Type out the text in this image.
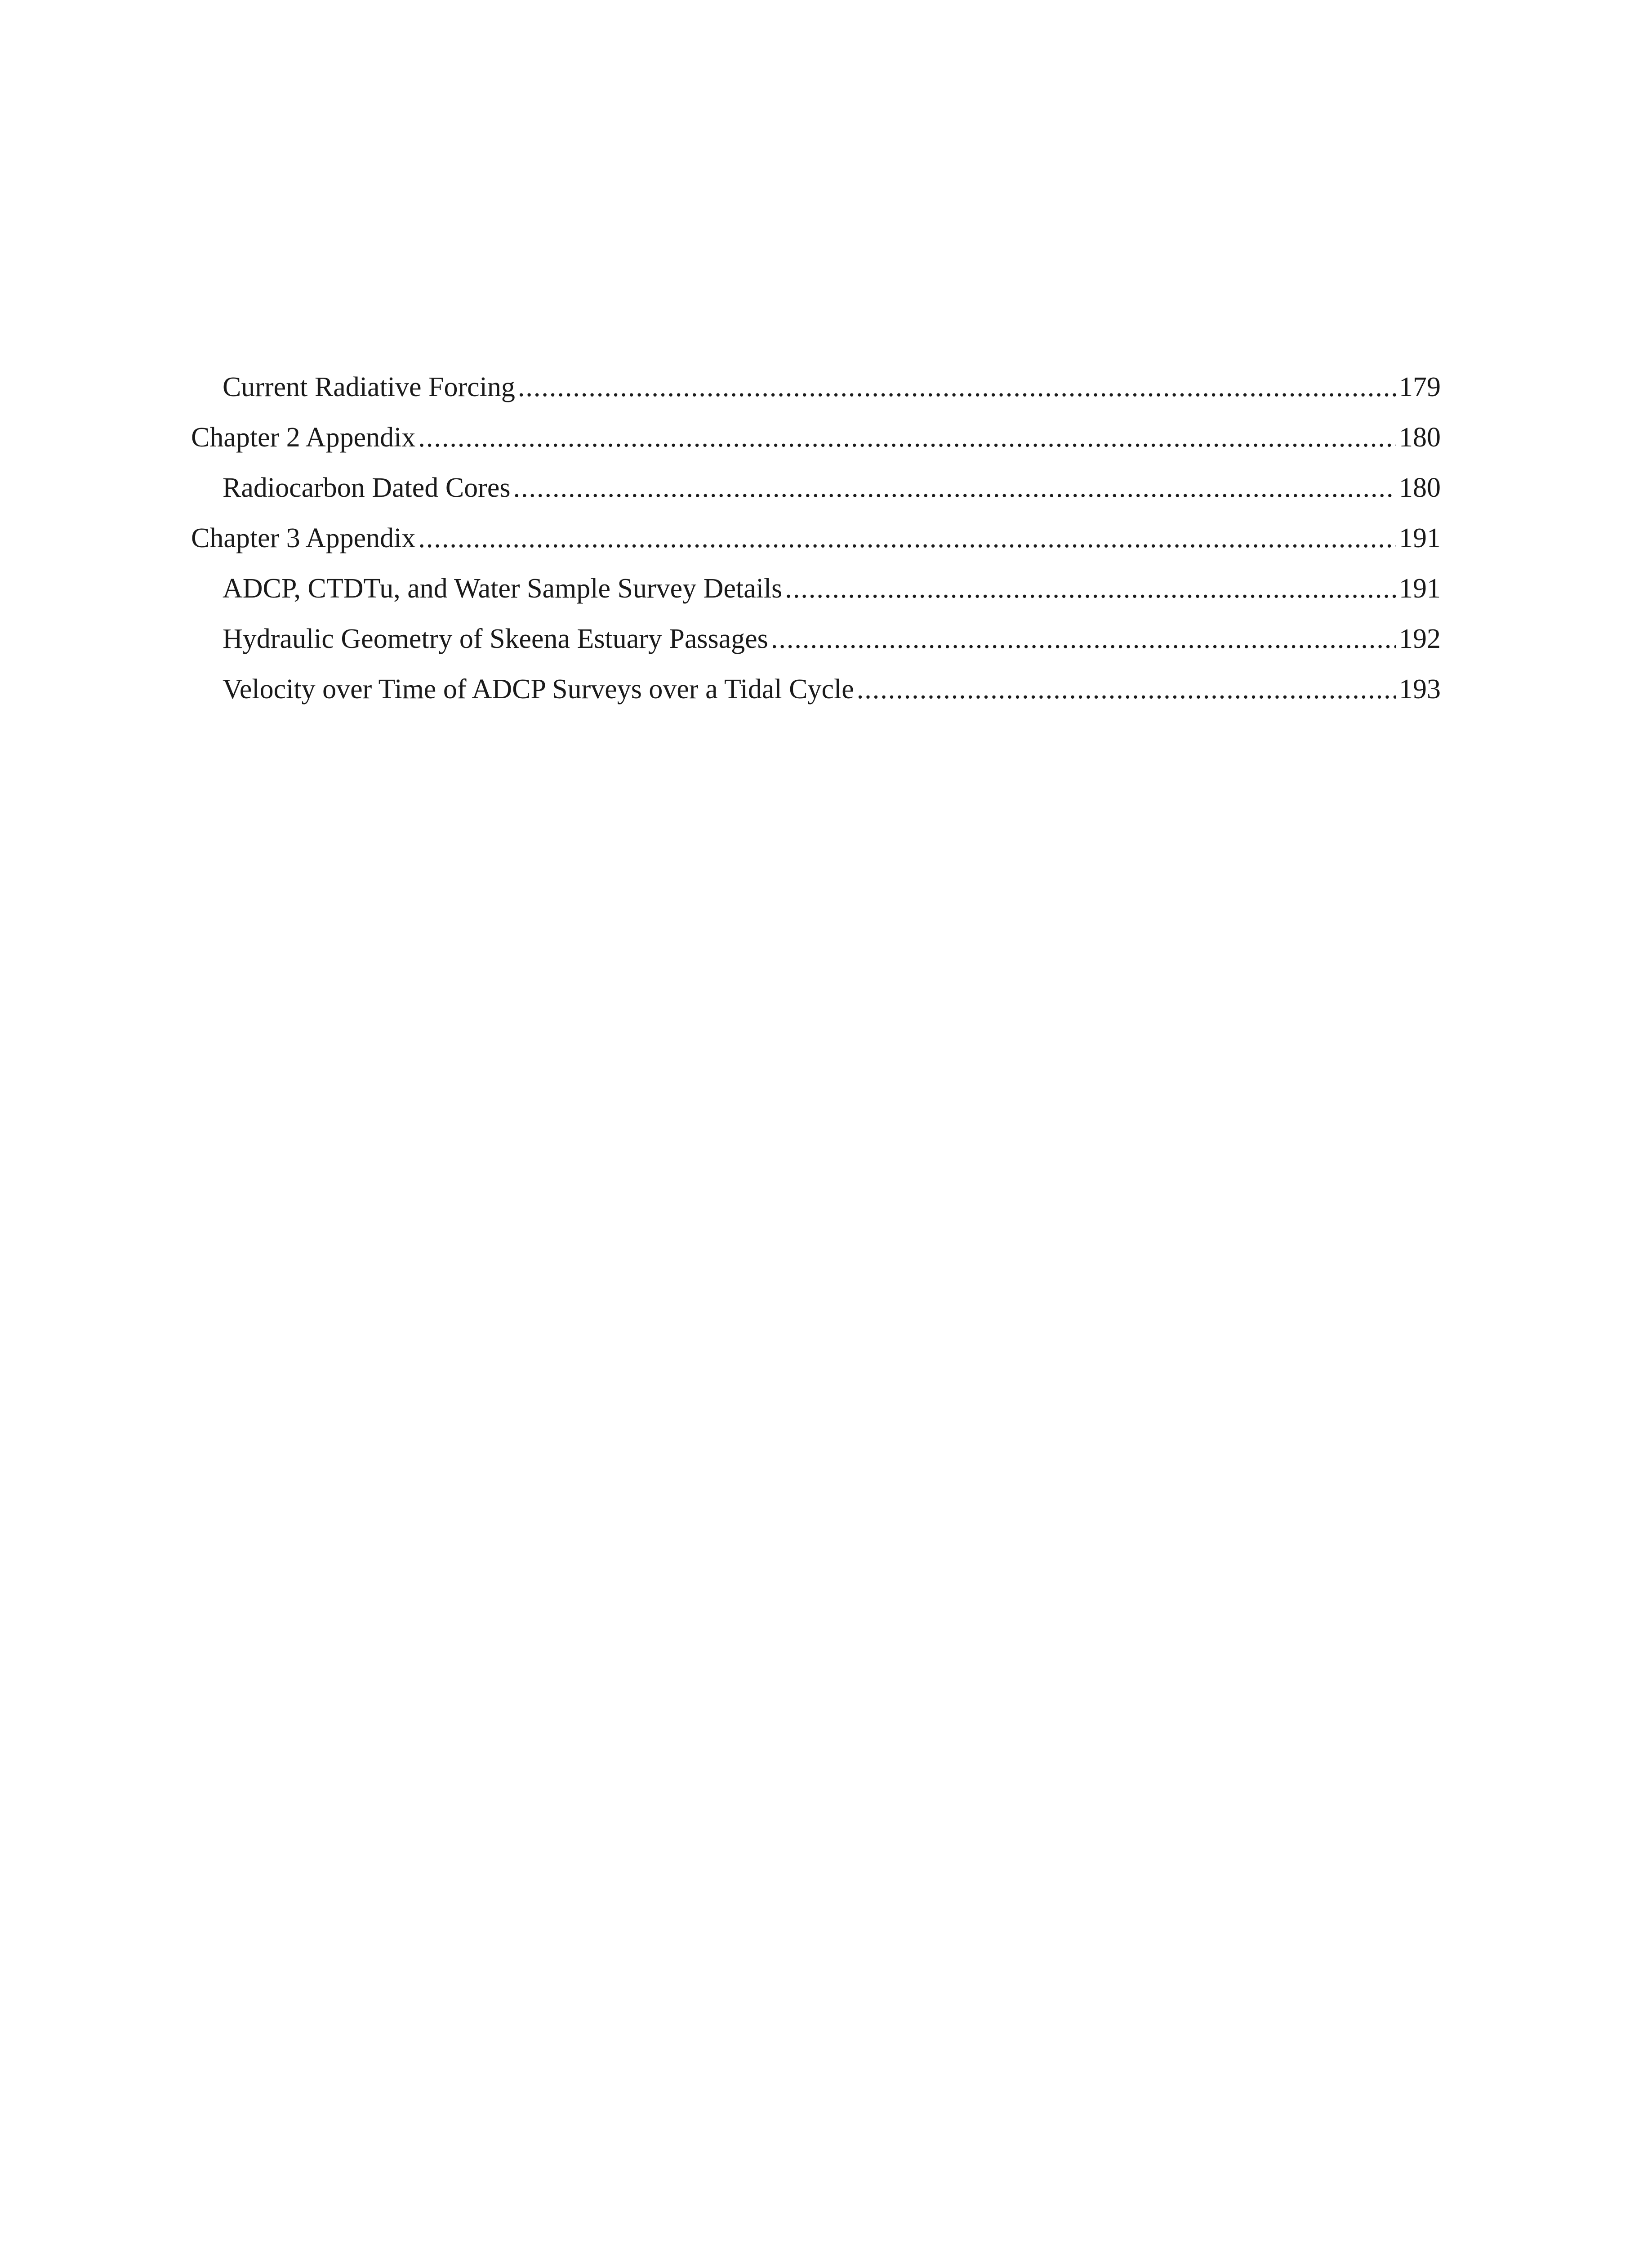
Current Radiative Forcing .....	179
Chapter 2 Appendix .....	180
Radiocarbon Dated Cores .....	180
Chapter 3 Appendix .....	191
ADCP, CTDTu, and Water Sample Survey Details .....	191
Hydraulic Geometry of Skeena Estuary Passages .....	192
Velocity over Time of ADCP Surveys over a Tidal Cycle .....	193
